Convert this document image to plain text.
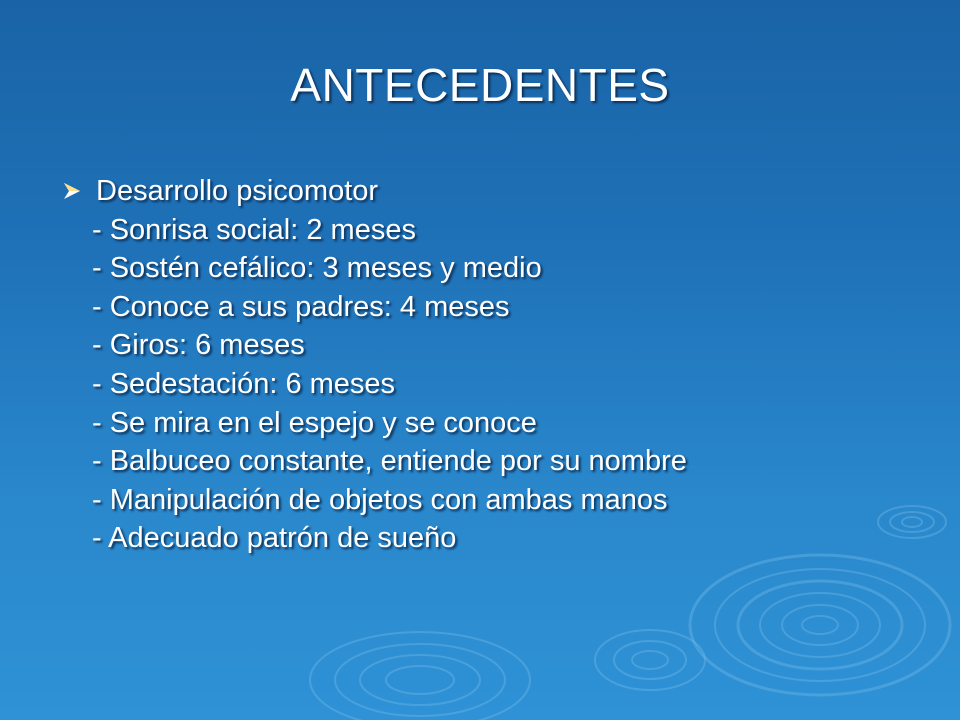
ANTECEDENTES
Desarrollo psicomotor
- Sonrisa social: 2 meses
- Sostén cefálico: 3 meses y medio
- Conoce a sus padres: 4 meses
- Giros: 6 meses
- Sedestación: 6 meses
- Se mira en el espejo y se conoce
- Balbuceo constante, entiende por su nombre
- Manipulación de objetos con ambas manos
- Adecuado patrón de sueño
